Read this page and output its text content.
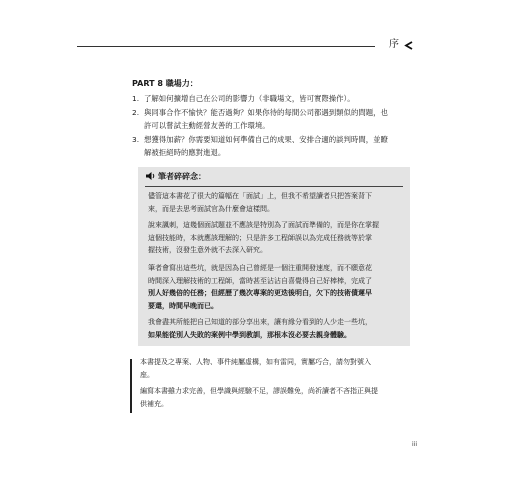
序
PART 8 職場力：
1. 了解如何擴增自己在公司的影響力（非職場文，皆可實際操作）。
2. 與同事合作不愉快？能否過夠？如果你待的每間公司都遇到類似的問題，也
許可以嘗試主動經營友善的工作環境。
3. 想獲得加薪？你需要知道如何準備自己的成果、安排合適的談判時間，並瞭
解被拒絕時的應對進退。
筆者碎碎念：
儘管這本書花了很大的篇幅在「面試」上，但我不希望讀者只把答案背下
來，而是去思考面試官為什麼會這樣問。
說來諷刺，這幾個面試題並不應該是特別為了面試而準備的，而是你在掌握
這個技能時，本就應該理解的；只是許多工程師誤以為完成任務就等於掌
握技術，沒發生意外就不去深入研究。
筆者會寫出這些坑，就是因為自己曾經是一個注重開發速度，而不願意花
時間深入理解技術的工程師，當時甚至沾沾自喜覺得自己好棒棒，完成了
別人好幾倍的任務；但經歷了幾次專案的更迭後明白，欠下的技術債遲早
要還，時間早晚而已。
我會盡其所能把自己知道的部分享出來，讓有緣分看到的人少走一些坑，
如果能從別人失敗的案例中學到教訓，那根本沒必要去親身體驗。
本書提及之專案、人物、事件純屬虛構，如有雷同，實屬巧合，請勿對號入
座。
編寫本書雖力求完善，但學識與經驗不足，謬誤難免，尚祈讀者不吝指正與提
供補充。
iii
